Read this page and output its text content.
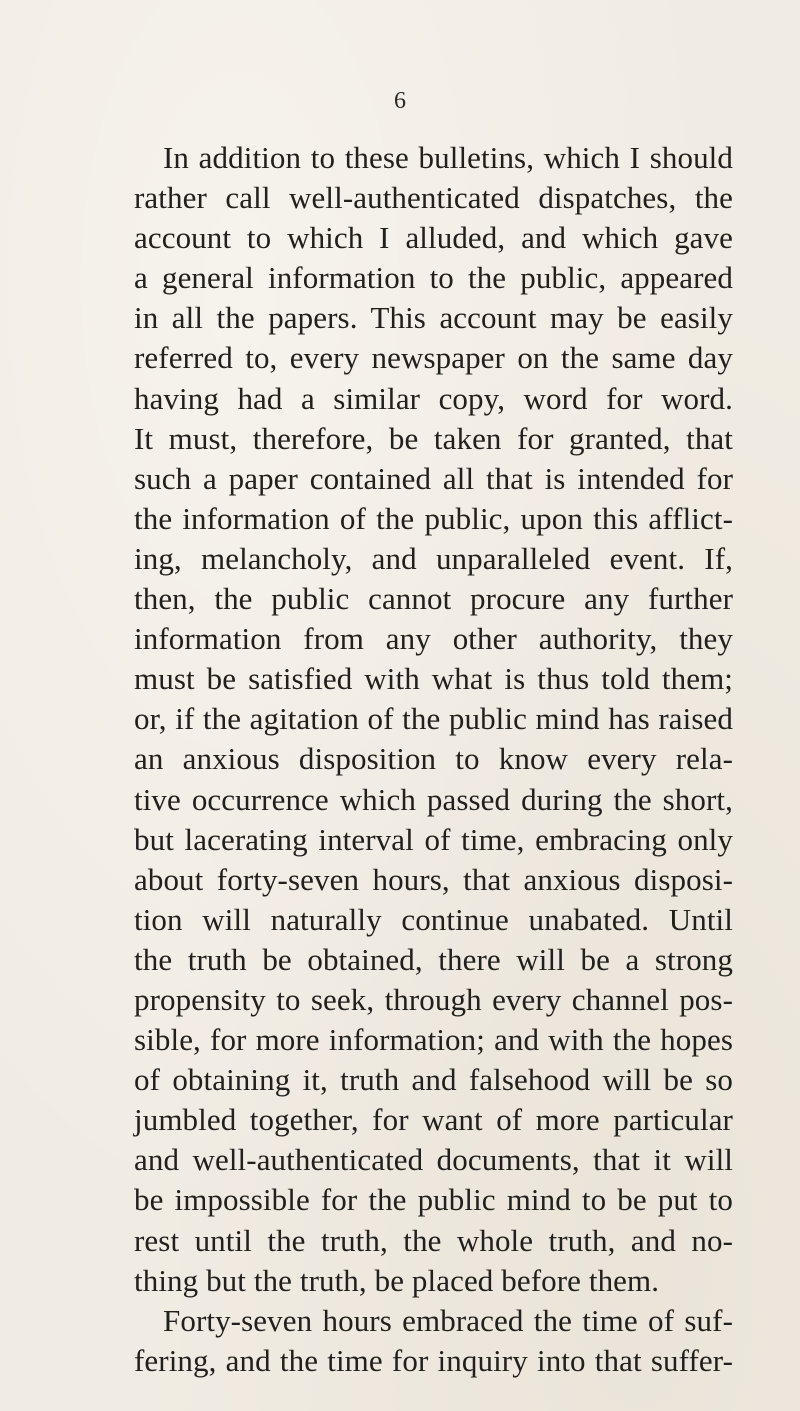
6
In addition to these bulletins, which I should
rather call well-authenticated dispatches, the
account to which I alluded, and which gave
a general information to the public, appeared
in all the papers. This account may be easily
referred to, every newspaper on the same day
having had a similar copy, word for word.
It must, therefore, be taken for granted, that
such a paper contained all that is intended for
the information of the public, upon this afflict-
ing, melancholy, and unparalleled event. If,
then, the public cannot procure any further
information from any other authority, they
must be satisfied with what is thus told them;
or, if the agitation of the public mind has raised
an anxious disposition to know every rela-
tive occurrence which passed during the short,
but lacerating interval of time, embracing only
about forty-seven hours, that anxious disposi-
tion will naturally continue unabated. Until
the truth be obtained, there will be a strong
propensity to seek, through every channel pos-
sible, for more information; and with the hopes
of obtaining it, truth and falsehood will be so
jumbled together, for want of more particular
and well-authenticated documents, that it will
be impossible for the public mind to be put to
rest until the truth, the whole truth, and no-
thing but the truth, be placed before them.
Forty-seven hours embraced the time of suf-
fering, and the time for inquiry into that suffer-
